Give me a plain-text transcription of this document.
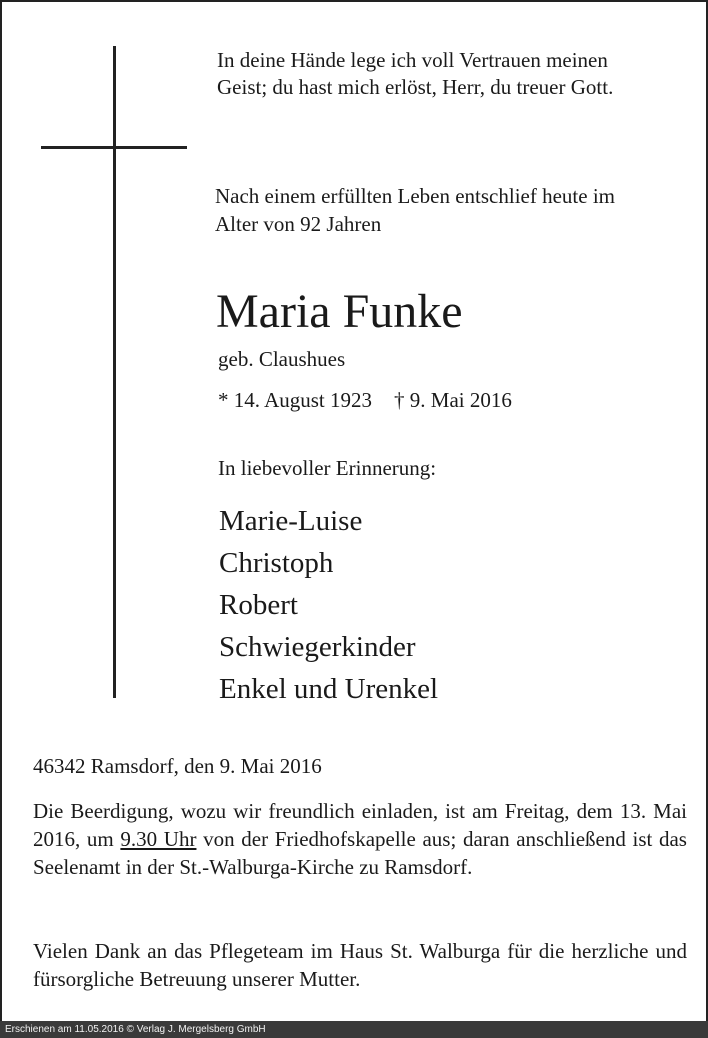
In deine Hände lege ich voll Vertrauen meinen
Geist; du hast mich erlöst, Herr, du treuer Gott.
Nach einem erfüllten Leben entschlief heute im
Alter von 92 Jahren
Maria Funke
geb. Claushues
* 14. August 1923 † 9. Mai 2016
In liebevoller Erinnerung:
Marie-Luise
Christoph
Robert
Schwiegerkinder
Enkel und Urenkel
46342 Ramsdorf, den 9. Mai 2016
Die Beerdigung, wozu wir freundlich einladen, ist am Freitag, dem 13. Mai 2016, um 9.30 Uhr von der Friedhofskapelle aus; daran anschließend ist das Seelenamt in der St.-Walburga-Kirche zu Ramsdorf.
Vielen Dank an das Pflegeteam im Haus St. Walburga für die herzliche und fürsorgliche Betreuung unserer Mutter.
Erschienen am 11.05.2016 © Verlag J. Mergelsberg GmbH
